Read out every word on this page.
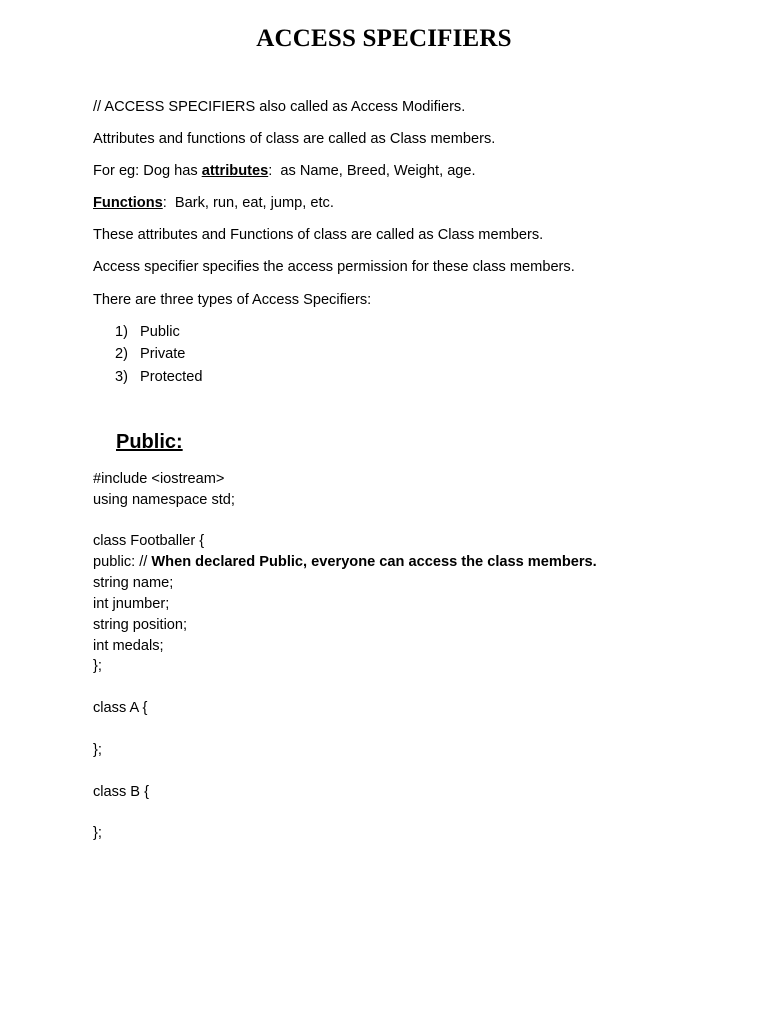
ACCESS SPECIFIERS
// ACCESS SPECIFIERS also called as Access Modifiers.
Attributes and functions of class are called as Class members.
For eg: Dog has attributes:  as Name, Breed, Weight, age.
Functions:  Bark, run, eat, jump, etc.
These attributes and Functions of class are called as Class members.
Access specifier specifies the access permission for these class members.
There are three types of Access Specifiers:
1) Public
2) Private
3) Protected
Public:
#include <iostream>
using namespace std;
class Footballer {
public: // When declared Public, everyone can access the class members.
string name;
int jnumber;
string position;
int medals;
};
class A {
};
class B {
};
